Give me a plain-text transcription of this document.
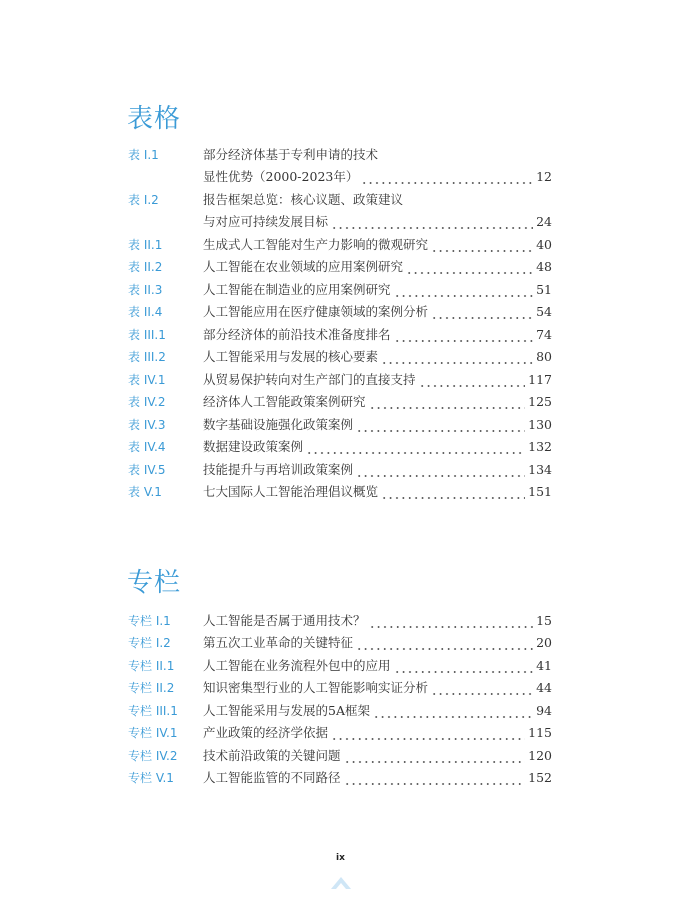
表格
表 I.1	部分经济体基于专利申请的技术
显性优势（2000-2023年）	12
表 I.2	报告框架总览：核心议题、政策建议
与对应可持续发展目标	24
表 II.1	生成式人工智能对生产力影响的微观研究	40
表 II.2	人工智能在农业领域的应用案例研究	48
表 II.3	人工智能在制造业的应用案例研究	51
表 II.4	人工智能应用在医疗健康领域的案例分析	54
表 III.1	部分经济体的前沿技术准备度排名	74
表 III.2	人工智能采用与发展的核心要素	80
表 IV.1	从贸易保护转向对生产部门的直接支持	117
表 IV.2	经济体人工智能政策案例研究	125
表 IV.3	数字基础设施强化政策案例	130
表 IV.4	数据建设政策案例	132
表 IV.5	技能提升与再培训政策案例	134
表 V.1	七大国际人工智能治理倡议概览	151
专栏
专栏 I.1	人工智能是否属于通用技术？	15
专栏 I.2	第五次工业革命的关键特征	20
专栏 II.1	人工智能在业务流程外包中的应用	41
专栏 II.2	知识密集型行业的人工智能影响实证分析	44
专栏 III.1	人工智能采用与发展的5A框架	94
专栏 IV.1	产业政策的经济学依据	115
专栏 IV.2	技术前沿政策的关键问题	120
专栏 V.1	人工智能监管的不同路径	152
ix
